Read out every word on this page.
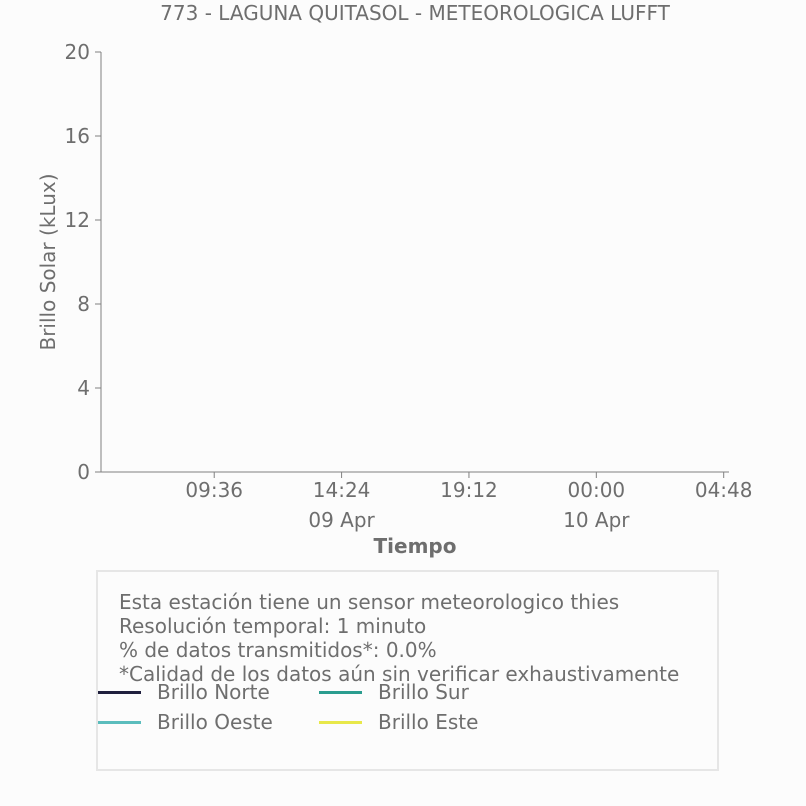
773 - LAGUNA QUITASOL - METEOROLOGICA LUFFT
0
4
8
12
16
20
09:36	14:24
09 Apr
19:12	00:00
10 Apr
04:48
Brillo Solar (kLux)
Tiempo

Esta estación tiene un sensor meteorologico thies

Resolución temporal: 1 minuto

% de datos transmitidos*: 0.0%

*Calidad de los datos aún sin verificar exhaustivamente

Brillo Norte	Brillo Sur
Brillo Oeste	Brillo Este
